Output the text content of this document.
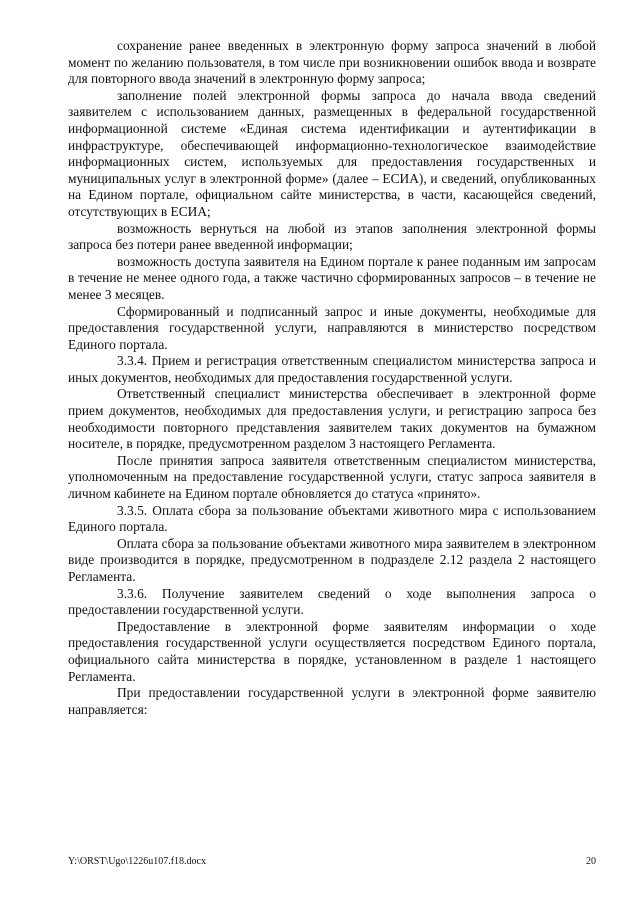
сохранение ранее введенных в электронную форму запроса значений в любой момент по желанию пользователя, в том числе при возникновении ошибок ввода и возврате для повторного ввода значений в электронную форму запроса;

заполнение полей электронной формы запроса до начала ввода сведений заявителем с использованием данных, размещенных в федеральной государственной информационной системе «Единая система идентификации и аутентификации в инфраструктуре, обеспечивающей информационно-технологическое взаимодействие информационных систем, используемых для предоставления государственных и муниципальных услуг в электронной форме» (далее – ЕСИА), и сведений, опубликованных на Едином портале, официальном сайте министерства, в части, касающейся сведений, отсутствующих в ЕСИА;

возможность вернуться на любой из этапов заполнения электронной формы запроса без потери ранее введенной информации;

возможность доступа заявителя на Едином портале к ранее поданным им запросам в течение не менее одного года, а также частично сформированных запросов – в течение не менее 3 месяцев.

Сформированный и подписанный запрос и иные документы, необходимые для предоставления государственной услуги, направляются в министерство посредством Единого портала.

3.3.4. Прием и регистрация ответственным специалистом министерства запроса и иных документов, необходимых для предоставления государственной услуги.

Ответственный специалист министерства обеспечивает в электронной форме прием документов, необходимых для предоставления услуги, и регистрацию запроса без необходимости повторного представления заявителем таких документов на бумажном носителе, в порядке, предусмотренном разделом 3 настоящего Регламента.

После принятия запроса заявителя ответственным специалистом министерства, уполномоченным на предоставление государственной услуги, статус запроса заявителя в личном кабинете на Едином портале обновляется до статуса «принято».

3.3.5. Оплата сбора за пользование объектами животного мира с использованием Единого портала.

Оплата сбора за пользование объектами животного мира заявителем в электронном виде производится в порядке, предусмотренном в подразделе 2.12 раздела 2 настоящего Регламента.

3.3.6. Получение заявителем сведений о ходе выполнения запроса о предоставлении государственной услуги.

Предоставление в электронной форме заявителям информации о ходе предоставления государственной услуги осуществляется посредством Единого портала, официального сайта министерства в порядке, установленном в разделе 1 настоящего Регламента.

При предоставлении государственной услуги в электронной форме заявителю направляется:

Y:\ORST\Ugo\1226u107.f18.docx	20
